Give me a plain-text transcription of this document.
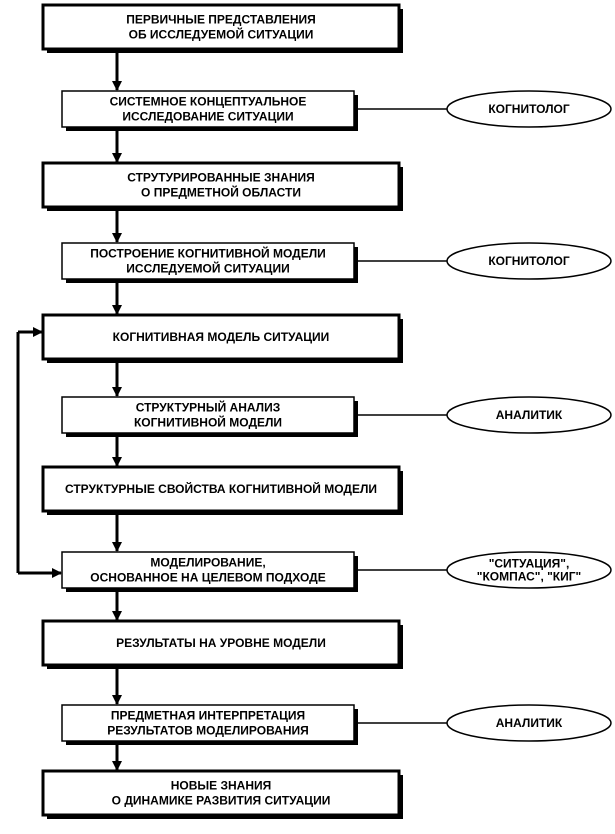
ПЕРВИЧНЫЕ ПРЕДСТАВЛЕНИЯ
ОБ ИССЛЕДУЕМОЙ СИТУАЦИИ
СИСТЕМНОЕ КОНЦЕПТУАЛЬНОЕ
ИССЛЕДОВАНИЕ СИТУАЦИИ
СТРУТУРИРОВАННЫЕ ЗНАНИЯ
О ПРЕДМЕТНОЙ ОБЛАСТИ
ПОСТРОЕНИЕ КОГНИТИВНОЙ МОДЕЛИ
ИССЛЕДУЕМОЙ СИТУАЦИИ
КОГНИТИВНАЯ МОДЕЛЬ СИТУАЦИИ
СТРУКТУРНЫЙ АНАЛИЗ
КОГНИТИВНОЙ МОДЕЛИ
СТРУКТУРНЫЕ СВОЙСТВА КОГНИТИВНОЙ МОДЕЛИ
МОДЕЛИРОВАНИЕ,
ОСНОВАННОЕ НА ЦЕЛЕВОМ ПОДХОДЕ
РЕЗУЛЬТАТЫ НА УРОВНЕ МОДЕЛИ
ПРЕДМЕТНАЯ ИНТЕРПРЕТАЦИЯ
РЕЗУЛЬТАТОВ МОДЕЛИРОВАНИЯ
НОВЫЕ ЗНАНИЯ
О ДИНАМИКЕ РАЗВИТИЯ СИТУАЦИИ
КОГНИТОЛОГ
КОГНИТОЛОГ
АНАЛИТИК
"СИТУАЦИЯ",
"КОМПАС", "КИГ"
АНАЛИТИК
